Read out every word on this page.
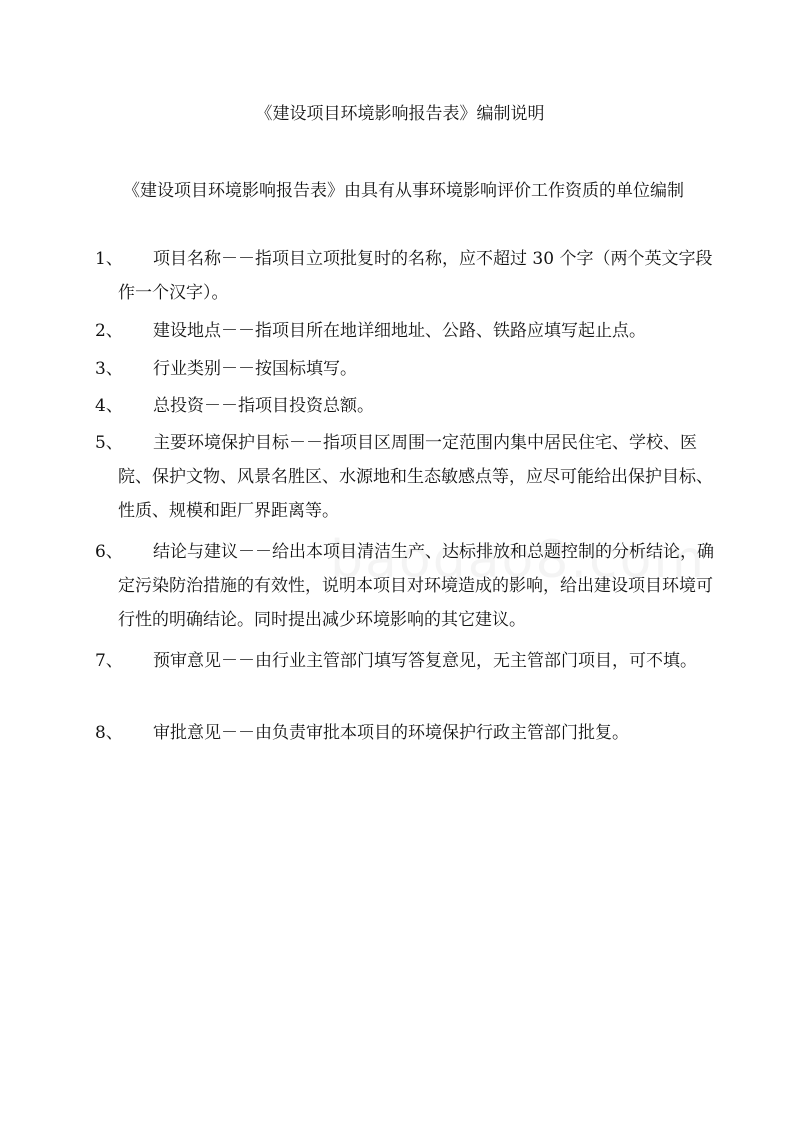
《建设项目环境影响报告表》编制说明
《建设项目环境影响报告表》由具有从事环境影响评价工作资质的单位编制
1、	项目名称－－指项目立项批复时的名称，应不超过 30 个字（两个英文字段作一个汉字）。
2、	建设地点－－指项目所在地详细地址、公路、铁路应填写起止点。
3、	行业类别－－按国标填写。
4、	总投资－－指项目投资总额。
5、	主要环境保护目标－－指项目区周围一定范围内集中居民住宅、学校、医院、保护文物、风景名胜区、水源地和生态敏感点等，应尽可能给出保护目标、性质、规模和距厂界距离等。
6、	结论与建议－－给出本项目清洁生产、达标排放和总题控制的分析结论，确定污染防治措施的有效性，说明本项目对环境造成的影响，给出建设项目环境可行性的明确结论。同时提出减少环境影响的其它建议。
7、	预审意见－－由行业主管部门填写答复意见，无主管部门项目，可不填。
8、	审批意见－－由负责审批本项目的环境保护行政主管部门批复。
